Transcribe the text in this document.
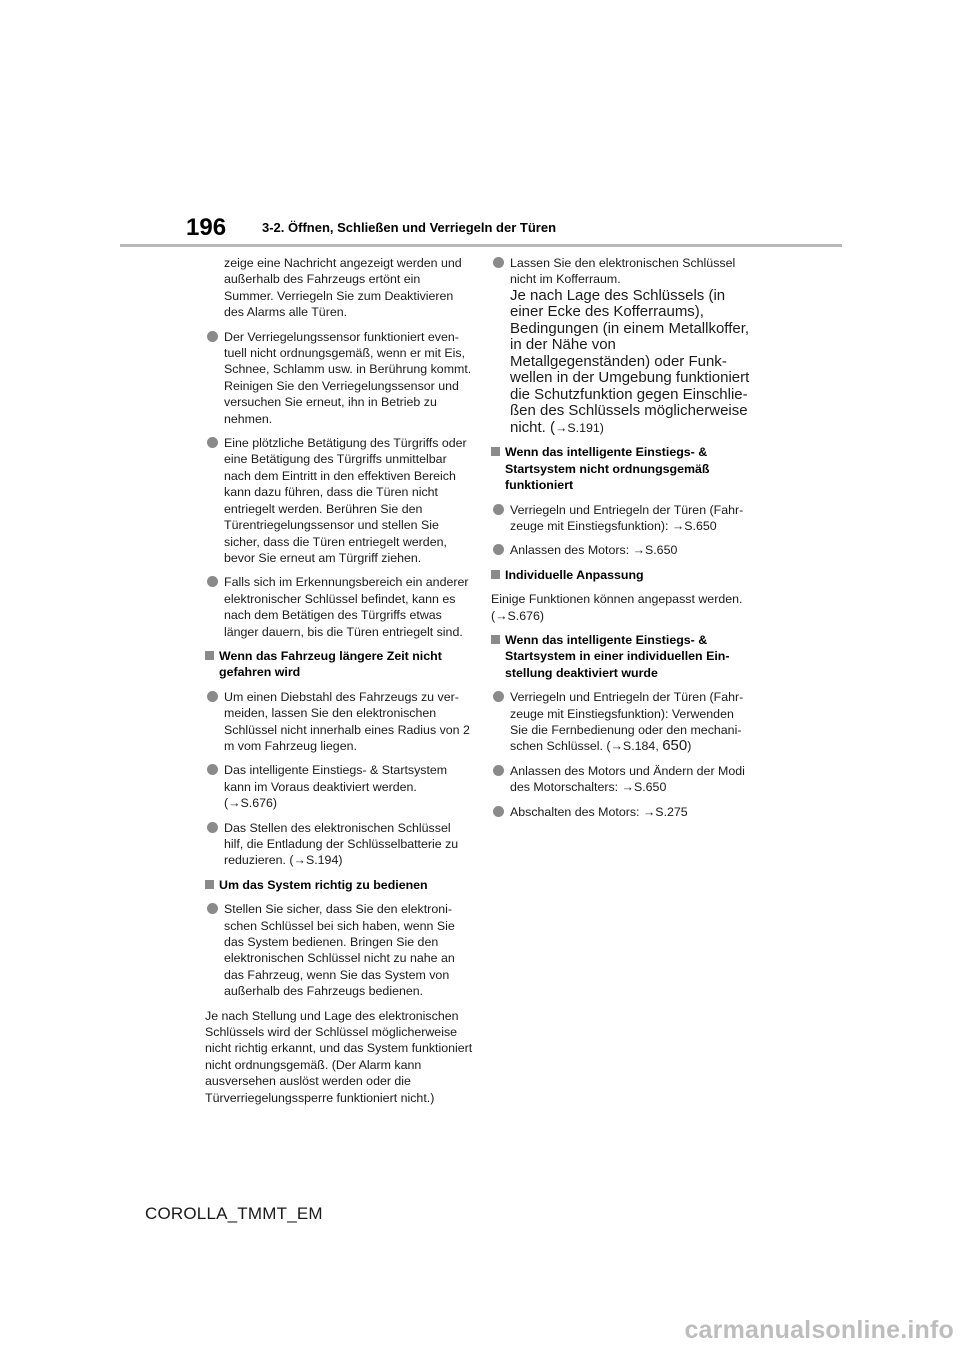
196	3-2. Öffnen, Schließen und Verriegeln der Türen
zeige eine Nachricht angezeigt werden und außerhalb des Fahrzeugs ertönt ein Summer. Verriegeln Sie zum Deaktivieren des Alarms alle Türen.
Der Verriegelungssensor funktioniert eventuell nicht ordnungsgemäß, wenn er mit Eis, Schnee, Schlamm usw. in Berührung kommt. Reinigen Sie den Verriegelungssensor und versuchen Sie erneut, ihn in Betrieb zu nehmen.
Eine plötzliche Betätigung des Türgriffs oder eine Betätigung des Türgriffs unmittelbar nach dem Eintritt in den effektiven Bereich kann dazu führen, dass die Türen nicht entriegelt werden. Berühren Sie den Türentriegelungssensor und stellen Sie sicher, dass die Türen entriegelt werden, bevor Sie erneut am Türgriff ziehen.
Falls sich im Erkennungsbereich ein anderer elektronischer Schlüssel befindet, kann es nach dem Betätigen des Türgriffs etwas länger dauern, bis die Türen entriegelt sind.
Wenn das Fahrzeug längere Zeit nicht gefahren wird
Um einen Diebstahl des Fahrzeugs zu vermeiden, lassen Sie den elektronischen Schlüssel nicht innerhalb eines Radius von 2 m vom Fahrzeug liegen.
Das intelligente Einstiegs- & Startsystem kann im Voraus deaktiviert werden. (→S.676)
Das Stellen des elektronischen Schlüssel hilf, die Entladung der Schlüsselbatterie zu reduzieren. (→S.194)
Um das System richtig zu bedienen
Stellen Sie sicher, dass Sie den elektronischen Schlüssel bei sich haben, wenn Sie das System bedienen. Bringen Sie den elektronischen Schlüssel nicht zu nahe an das Fahrzeug, wenn Sie das System von außerhalb des Fahrzeugs bedienen.
Je nach Stellung und Lage des elektronischen Schlüssels wird der Schlüssel möglicherweise nicht richtig erkannt, und das System funktioniert nicht ordnungsgemäß. (Der Alarm kann ausversehen auslöst werden oder die Türverriegelungssperre funktioniert nicht.)
Lassen Sie den elektronischen Schlüssel nicht im Kofferraum.
Je nach Lage des Schlüssels (in einer Ecke des Kofferraums), Bedingungen (in einem Metallkoffer, in der Nähe von Metallgegenständen) oder Funkwellen in der Umgebung funktioniert die Schutzfunktion gegen Einschließen des Schlüssels möglicherweise nicht. (→S.191)
Wenn das intelligente Einstiegs- & Startsystem nicht ordnungsgemäß funktioniert
Verriegeln und Entriegeln der Türen (Fahrzeuge mit Einstiegsfunktion): →S.650
Anlassen des Motors: →S.650
Individuelle Anpassung
Einige Funktionen können angepasst werden. (→S.676)
Wenn das intelligente Einstiegs- & Startsystem in einer individuellen Einstellung deaktiviert wurde
Verriegeln und Entriegeln der Türen (Fahrzeuge mit Einstiegsfunktion): Verwenden Sie die Fernbedienung oder den mechanischen Schlüssel. (→S.184, 650)
Anlassen des Motors und Ändern der Modi des Motorschalters: →S.650
Abschalten des Motors: →S.275
COROLLA_TMMT_EM
carmanualsonline.info
